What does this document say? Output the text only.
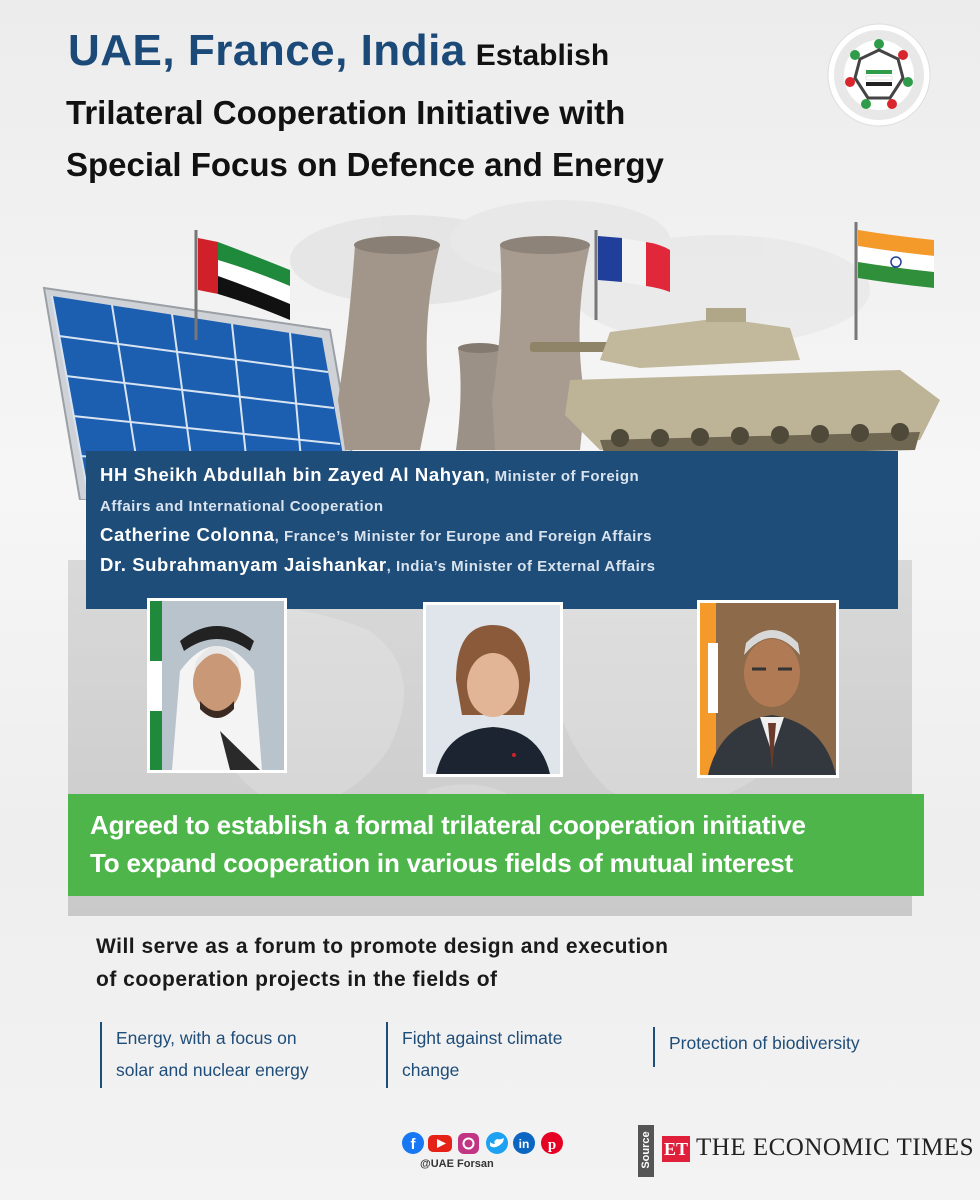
UAE, France, India Establish
Trilateral Cooperation Initiative with
Special Focus on Defence and Energy
HH Sheikh Abdullah bin Zayed Al Nahyan, Minister of Foreign
Affairs and International Cooperation
Catherine Colonna, France’s Minister for Europe and Foreign Affairs
Dr. Subrahmanyam Jaishankar, India’s Minister of External Affairs
Agreed to establish a formal trilateral cooperation initiative
To expand cooperation in various fields of mutual interest
Will serve as a forum to promote design and execution
of cooperation projects in the fields of
Energy, with a focus on
solar and nuclear energy
Fight against climate
change
Protection of biodiversity
f	in p
@UAE Forsan	Source ET THE ECONOMIC TIMES
